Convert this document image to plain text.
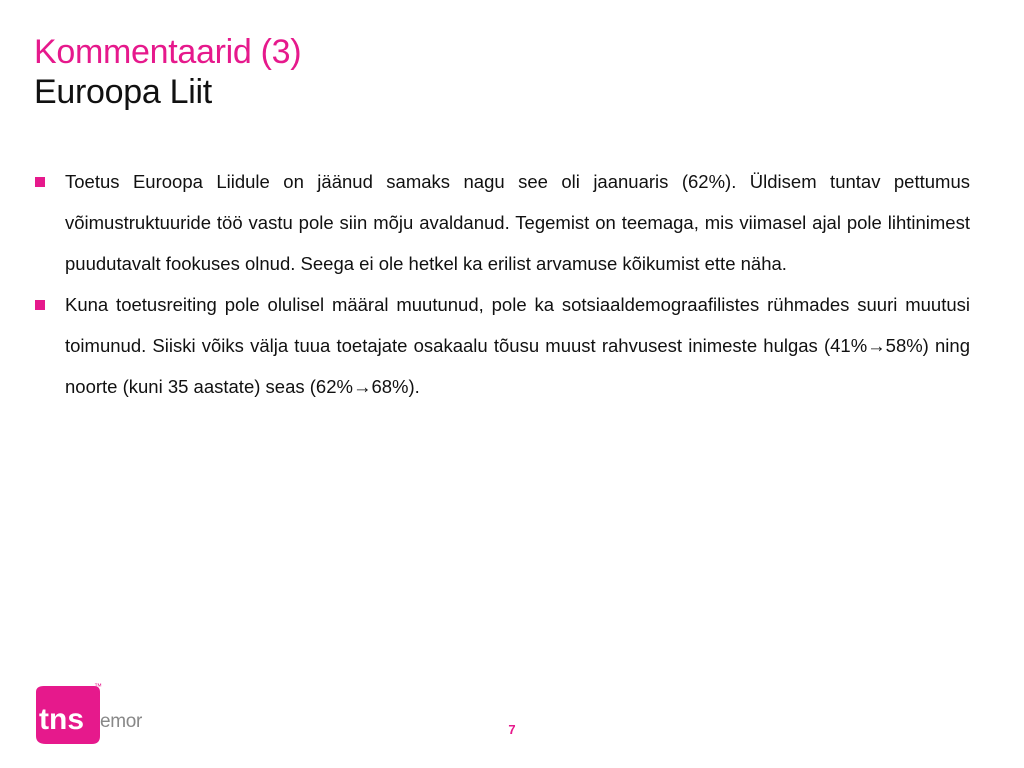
Kommentaarid (3)
Euroopa Liit
Toetus Euroopa Liidule on jäänud samaks nagu see oli jaanuaris (62%). Üldisem tuntav pettumus võimustruktuuride töö vastu pole siin mõju avaldanud. Tegemist on teemaga, mis viimasel ajal pole lihtinimest puudutavalt fookuses olnud. Seega ei ole hetkel ka erilist arvamuse kõikumist ette näha.
Kuna toetusreiting pole olulisel määral muutunud, pole ka sotsiaaldemograafilistes rühmades suuri muutusi toimunud. Siiski võiks välja tuua toetajate osakaalu tõusu muust rahvusest inimeste hulgas (41%→58%) ning noorte (kuni 35 aastate) seas (62%→68%).
tns emor
™
7
